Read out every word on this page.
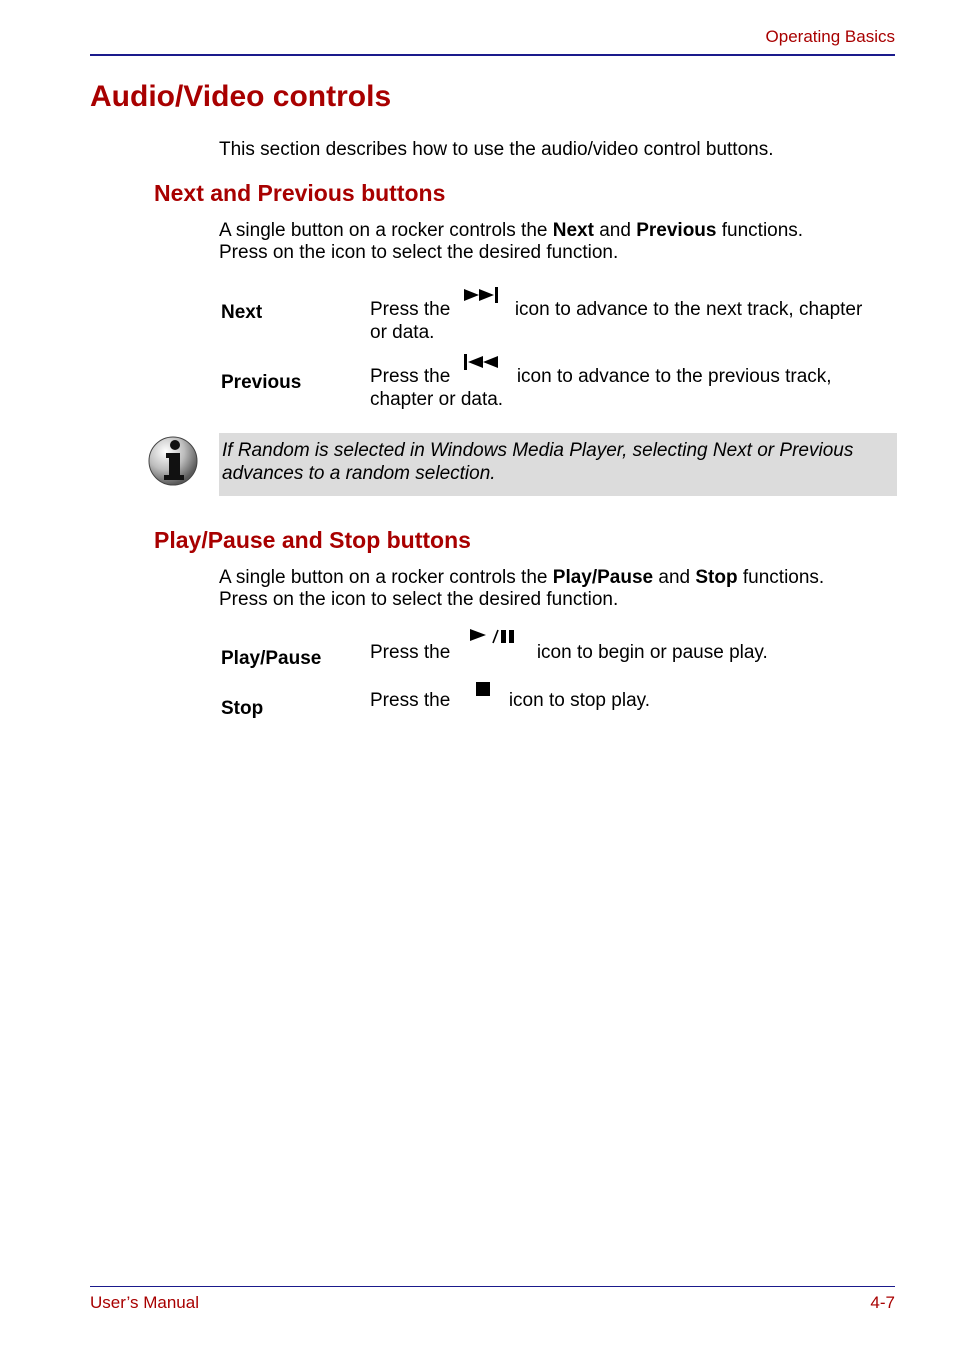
Operating Basics
Audio/Video controls
This section describes how to use the audio/video control buttons.
Next and Previous buttons
A single button on a rocker controls the Next and Previous functions.
Press on the icon to select the desired function.
Next	Press the	icon to advance to the next track, chapter
or data.
Previous	Press the	icon to advance to the previous track,
chapter or data.
If Random is selected in Windows Media Player, selecting Next or Previous
advances to a random selection.
Play/Pause and Stop buttons
A single button on a rocker controls the Play/Pause and Stop functions.
Press on the icon to select the desired function.
Play/Pause	Press the	icon to begin or pause play.
Stop	Press the	icon to stop play.
User’s Manual	4-7
